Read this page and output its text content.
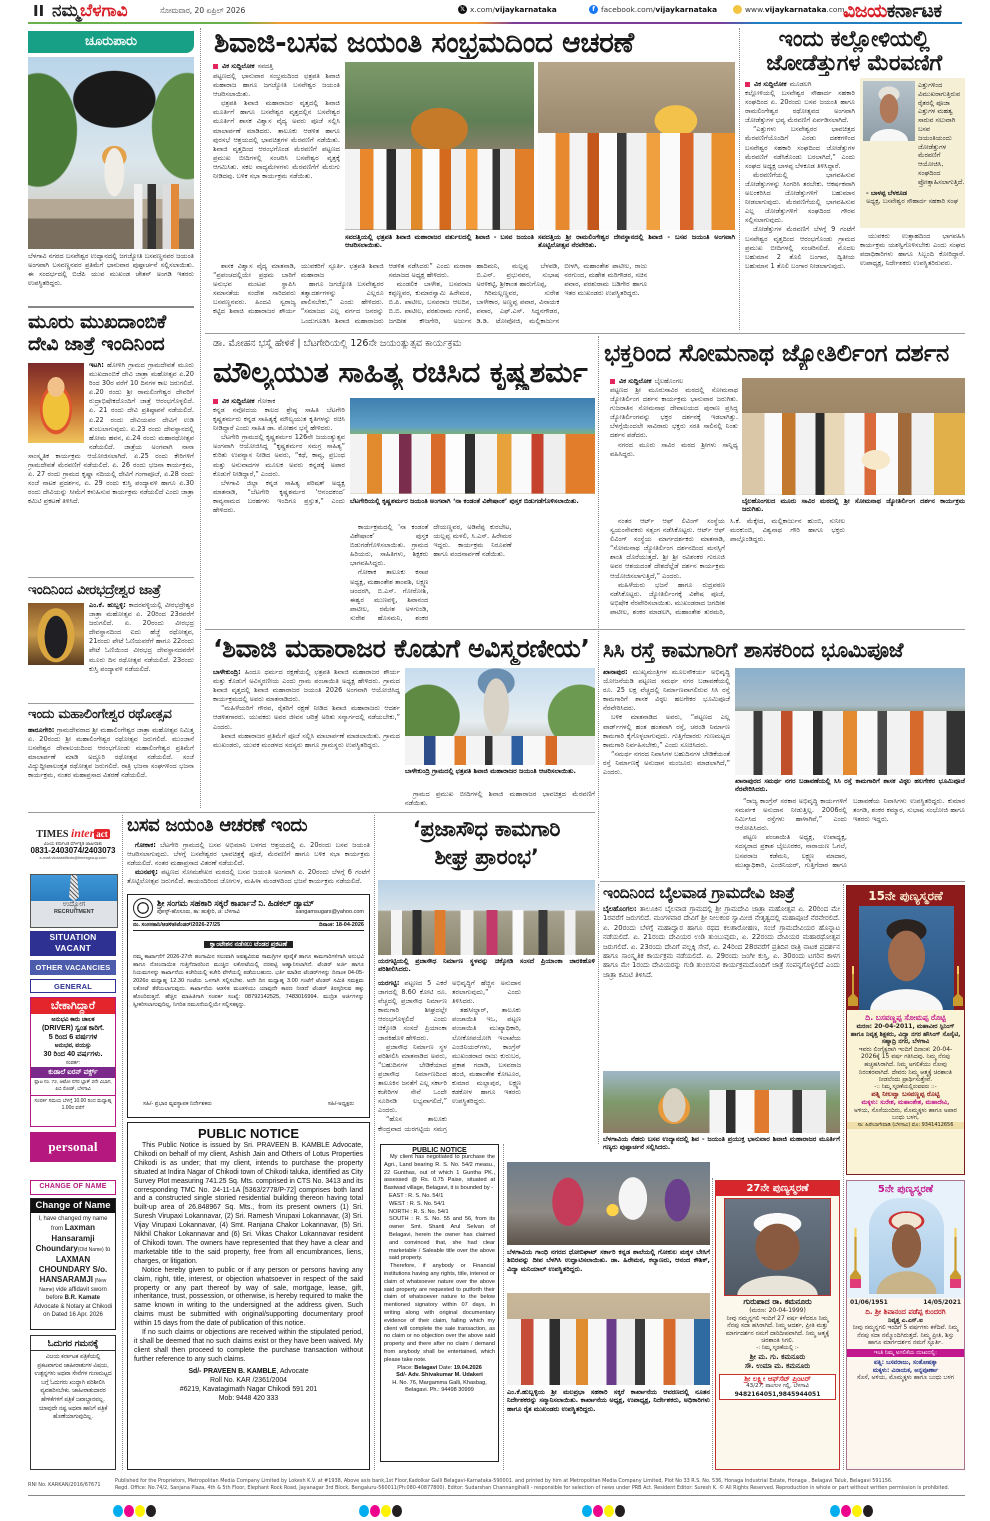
II ನಮ್ಮಬೆಳಗಾವಿ	ಸೋಮವಾರ, 20 ಏಪ್ರಿಲ್ 2026	𝕏 x.com/vijaykarnataka	f facebook.com/vijaykarnataka	www.vijaykarnataka.com
ವಿಜಯಕರ್ನಾಟಕ
ಚೂರುಪಾರು

ಬೆಳಗಾವಿ ನಗರದ ಬಸವೇಶ್ವರ ಉದ್ಯಾನದಲ್ಲಿ ಜಗಜ್ಯೋತಿ ಬಸವಣ್ಣನವರ ಜಯಂತಿ ಅಂಗವಾಗಿ ಬಸವಣ್ಣನವರ ಪ್ರತಿಮೆಗೆ ಭಾನುವಾರ ಪುಷ್ಪಾರ್ಚನೆ ಸಲ್ಲಿಸಲಾಯಿತು. ಈ ಸಂದರ್ಭದಲ್ಲಿ ಬಿಜೆಪಿ ಯುವ ಮುಖಂಡ ಚೇತನ್ ಅಂಗಡಿ ಇತರರು ಉಪಸ್ಥಿತರಿದ್ದರು.

ಮೂರು ಮುಖದಾಂಬಿಕೆ
ದೇವಿ ಜಾತ್ರೆ ಇಂದಿನಿಂದ

ಇಟಗಿ: ಹೋಳಿಗಿ ಗ್ರಾಮದ ಗ್ರಾಮದೇವತೆ ಮೂರು ಮುಖದಾಂಬಿಕೆ ದೇವಿ ಜಾತ್ರಾ ಮಹೋತ್ಸವ ಏ.20 ರಿಂದ 30ರ ವರೆಗೆ 10 ದಿನಗಳ ಕಾಲ ಜರುಗಲಿದೆ. ಏ.20 ರಂದು ಶ್ರೀ ರಾಮಲಿಂಗೇಶ್ವರ ದೇವರಿಗೆ ರುದ್ರಾಭಿಷೇಕದೊಂದಿಗೆ ಜಾತ್ರೆ ಆರಂಭಗೊಳ್ಳಲಿದೆ. ಏ. 21 ರಂದು ದೇವಿ ಪ್ರತಿಷ್ಠಾಪನೆ ನಡೆಯಲಿದೆ. ಏ.22 ರಂದು ದೇವಿಯವರ ದೇವಿಗೆ ಉಡಿ ತುಂಬಲಾಗುವುದು. ಏ.23 ರಂದು ದೇವಸ್ಥಾನದಲ್ಲಿ ಹೋಮ ಹವನ, ಏ.24 ರಂದು ಮಹಾರಥೋತ್ಸವ ನಡೆಯಲಿದೆ. ಜಾತ್ರೆಯ ಅಂಗವಾಗಿ ನಾನಾ ಸಾಂಸ್ಕೃತಿಕ ಕಾರ್ಯಕ್ರಮ ಆಯೋಜಿಸಲಾಗಿದೆ. ಏ.25 ರಂದು ಕೇರಿಗಳಿಗೆ ಗ್ರಾಮದೇವತೆ ಮೆರವಣಿಗೆ ನಡೆಯಲಿದೆ. ಏ. 26 ರಂದು ಭಜನಾ ಕಾರ್ಯಕ್ರಮ, ಏ. 27 ರಂದು ಗ್ರಾಮದ ಕೃಷ್ಣಾ ನದಿಯಲ್ಲಿ ದೇವಿಗೆ ಗಂಗಾಪೂಜೆ, ಏ.28 ರಂದು ಸಂಜೆ ನಾಟಕ ಪ್ರದರ್ಶನ, ಏ. 29 ರಂದು ಕುಸ್ತಿ ಪಂದ್ಯಾವಳಿ ಹಾಗೂ ಏ.30 ರಂದು ದೇವಿಯನ್ನು ಸೀಮೆಗೆ ಕಳುಹಿಸುವ ಕಾರ್ಯಕ್ರಮ ನಡೆಯಲಿದೆ ಎಂದು ಜಾತ್ರಾ ಕಮಿಟಿ ಪ್ರಕಟಣೆ ತಿಳಿಸಿದೆ.

ಇಂದಿನಿಂದ ವೀರಭದ್ರೇಶ್ವರ ಜಾತ್ರೆ

ಎಂ.ಕೆ. ಹುಬ್ಬಳ್ಳಿ: ಕಾದರವಳ್ಳಿಯಲ್ಲಿ ವೀರಭದ್ರೇಶ್ವರ ಜಾತ್ರಾ ಮಹೋತ್ಸವ ಏ. 20ರಿಂದ 23ರವರೆಗೆ ಜರುಗಲಿದೆ. ಏ. 20ರಂದು ವೀರಭದ್ರ ದೇವಸ್ಥಾನದಿಂದ ಐದು ಹೆಜ್ಜೆ ರಥೋತ್ಸವ, 21ರಂದು ಪೇಟೆ ಓಣಿಯವರೆಗೆ ಹಾಗೂ 22ರಂದು ಪೇಟೆ ಓಣಿಯಿಂದ ವೀರಭದ್ರ ದೇವಸ್ಥಾನದವರೆಗೆ ಮೂರು ದಿನ ರಥೋತ್ಸವ ನಡೆಯಲಿದೆ. 23ರಂದು ಕುಸ್ತಿ ಪಂದ್ಯಾವಳಿ ನಡೆಯಲಿದೆ.

ಇಂದು ಮಹಾಲಿಂಗೇಶ್ವರ ರಥೋತ್ಸವ

ಹಾರೂಗೇರಿ: ಗ್ರಾಮದೇವರಾದ ಶ್ರೀ ಮಹಾಲಿಂಗೇಶ್ವರ ಜಾತ್ರಾ ಮಹೋತ್ಸವ ನಿಮಿತ್ತ ಏ. 20ರಂದು ಶ್ರೀ ಮಹಾಲಿಂಗೇಶ್ವರ ರಥೋತ್ಸವ ಜರುಗಲಿದೆ. ಮುಂಜಾನೆ ಬಸವೇಶ್ವರ ದೇವಾಲಯದಿಂದ ಆರಂಭಗೊಂಡು ಮಹಾಲಿಂಗೇಶ್ವರ ಪ್ರತಿಮೆಗೆ ಮಾಲಾರ್ಪಣೆ ಮಾಡಿ ಅದ್ದೂರಿ ರಥೋತ್ಸವ ನಡೆಯಲಿದೆ. ಸಂಜೆ ವಿದ್ಯುದ್ದೀಪಾಲಂಕೃತ ರಥೋತ್ಸವ ಜರುಗಲಿದೆ. ರಾತ್ರಿ ಭಜನಾ ಸಂಘಗಳಿಂದ ಭಜನಾ ಕಾರ್ಯಕ್ರಮ, ನಂತರ ಮಹಾಪ್ರಸಾದ ವಿತರಣೆ ನಡೆಯಲಿದೆ.

ಶಿವಾಜಿ-ಬಸವ ಜಯಂತಿ ಸಂಭ್ರಮದಿಂದ ಆಚರಣೆ
ವಿಕ ಸುದ್ದಿಲೋಕ ಸವದತ್ತಿ

ಪಟ್ಟಣದಲ್ಲಿ ಭಾನುವಾರ ಸಂಭ್ರಮದಿಂದ ಛತ್ರಪತಿ ಶಿವಾಜಿ ಮಹಾರಾಜ ಹಾಗೂ ಜಗಜ್ಯೋತಿ ಬಸವೇಶ್ವರ ಜಯಂತಿ ಆಚರಿಸಲಾಯಿತು.

ಛತ್ರಪತಿ ಶಿವಾಜಿ ಮಹಾರಾಜರ ವೃತ್ತದಲ್ಲಿ ಶಿವಾಜಿ ಮೂರ್ತಿಗೆ ಹಾಗೂ ಬಸವೇಶ್ವರ ವೃತ್ತದಲ್ಲಿನ ಬಸವೇಶ್ವರ ಮೂರ್ತಿಗೆ ಶಾಸಕ ವಿಶ್ವಾಸ ವೈದ್ಯ ಅವರು ಪೂಜೆ ಸಲ್ಲಿಸಿ ಮಾಲಾರ್ಪಣೆ ಮಾಡಿದರು. ತಾಲೂಕು ಆಡಳಿತ ಹಾಗೂ ಪುರಸಭೆ ಆಶ್ರಯದಲ್ಲಿ ಭಾವಚಿತ್ರಗಳ ಮೆರವಣಿಗೆ ನಡೆಯಿತು. ಶಿವಾಜಿ ವೃತ್ತದಿಂದ ಆರಂಭಗೊಂಡ ಮೆರವಣಿಗೆ ಪಟ್ಟಣದ ಪ್ರಮುಖ ಬೀದಿಗಳಲ್ಲಿ ಸಂಚರಿಸಿ ಬಸವೇಶ್ವರ ವೃತ್ತಕ್ಕೆ ಆಗಮಿಸಿತು. ಸಕಲ ವಾದ್ಯಮೇಳಗಳು ಮೆರವಣಿಗೆಗೆ ಮೆರುಗು ನೀಡಿದವು. ಬಳಿಕ ಸಭಾ ಕಾರ್ಯಕ್ರಮ ನಡೆಯಿತು.

ಸವದತ್ತಿಯಲ್ಲಿ ಛತ್ರಪತಿ ಶಿವಾಜಿ ಮಹಾರಾಜರ ವರ್ತುಲದಲ್ಲಿ ಶಿವಾಜಿ - ಬಸವ ಜಯಂತಿ ಆಚರಿಸಲಾಯಿತು.
ಸವದತ್ತಿಯ ಶ್ರೀ ರಾಮಲಿಂಗೇಶ್ವರ ದೇವಸ್ಥಾನದಲ್ಲಿ ಶಿವಾಜಿ - ಬಸವ ಜಯಂತಿ ಅಂಗವಾಗಿ ತೊಟ್ಟಿಲೋತ್ಸವ ನೆರವೇರಿತು.

ಶಾಸಕ ವಿಶ್ವಾಸ ವೈದ್ಯ ಮಾತನಾಡಿ, “ಪ್ರಪಂಚದಲ್ಲಿಯೇ ಪ್ರಥಮ ಬಾರಿಗೆ ಅನುಭವ ಮಂಟಪ ಸ್ಥಾಪಿಸಿ ಸಮಾನತೆಯ ಸಂದೇಶ ಸಾರಿದವರು ಬಸವಣ್ಣನವರು. ಹಿಂದವಿ ಸ್ವರಾಜ್ಯ ಕಟ್ಟಿದ ಶಿವಾಜಿ ಮಹಾರಾಜರ ಶೌರ್ಯ ಯುವಕರಿಗೆ ಸ್ಫೂರ್ತಿ. ಛತ್ರಪತಿ ಶಿವಾಜಿ ಮಹಾರಾಜ

ಹಾಗೂ ಜಗಜ್ಯೋತಿ ಬಸವೇಶ್ವರರ ತತ್ವಾದರ್ಶಗಳನ್ನು ಎಲ್ಲರೂ ಪಾಲಿಸಬೇಕು,” ಎಂದು ಹೇಳಿದರು. “ಸಮಾಜದ ಎಲ್ಲ ವರ್ಗದ ಜನರನ್ನು ಒಂದುಗೂಡಿಸಿ ಶಿವಾಜಿ ಮಹಾರಾಜರು ಆಡಳಿತ ನಡೆಸಿದರು” ಎಂದು ಮರಾಠಾ ಸಮಾಜದ ಅಧ್ಯಕ್ಷ ಹೇಳಿದರು.

ಮಂಡಲಿಕ ಬಾಳೇಶ, ಬಸವರಾಜ ಕಪ್ಪಣ್ಣವರ, ಕುಮಾರಸ್ವಾಮಿ ಹಿರೇಮಠ, ಬಿ.ಪಿ. ಪಾಟೀಲ, ಬಸವರಾಜ ಆಲದಿನ, ಬಿ.ಬಿ. ಪಾಟೀಲ, ಪರಶುರಾಮ ಗಂಗಲಿ, ಜಗದೀಶ ಕೌಜಗೇರಿ, ಅರ್ಜುನ ಹಾದಿಮನಿ, ಮಲ್ಲಪ್ಪ ಬೆಳವಡಿ, ಬಿ.ಎನ್. ಪ್ರಭುನವರ, ಸುಭಾಷ ಅರಳಿಕಟ್ಟಿ, ಶ್ರೀಕಾಂತ ಹಾರುಗೊಪ್ಪ,

ಗಿರಿಮಲ್ಲಣ್ಣವರ, ಸುರೇಶ ಬಾಳೇಕಾರ, ಅಣ್ಣಪ್ಪ ಪವಾರ, ವಿನಾಯಕ ಪವಾರ, ಎಫ್.ಎಸ್. ಸಿದ್ದನಗೌಡರ, ಡಿ.ಡಿ. ಟೋಪೋಜಿ, ಮಲ್ಲಿಕಾರ್ಜುನ ಬೀಳಗಿ, ಮಹಾಂತೇಶ ಪಾಟೀಲ, ರಾಜು ನರಗುಂದ, ಮಹೇಶ ಮರಿಗೌಡರ, ಸಚಿನ ಪವಾರ, ಪರಶುರಾಮ ಬಡಿಗೇರ ಹಾಗೂ ಇತರ ಮುಖಂಡರು ಉಪಸ್ಥಿತರಿದ್ದರು.

ಇಂದು ಕಲ್ಲೋಳಿಯಲ್ಲಿ
ಜೋಡೆತ್ತುಗಳ ಮೆರವಣಿಗೆ
ವಿಕ ಸುದ್ದಿಲೋಕ ಮೂಡಲಗಿ

ಕಲ್ಲೋಳಿಯಲ್ಲಿ ಬಸವೇಶ್ವರ ಸೌಹಾರ್ದ ಸಹಕಾರಿ ಸಂಘದಿಂದ ಏ. 20ರಂದು ಬಸವ ಜಯಂತಿ ಹಾಗೂ ರಾಮಲಿಂಗೇಶ್ವರ ರಥೋತ್ಸವದ ಅಂಗವಾಗಿ ಜೋಡೆತ್ತುಗಳ ಭವ್ಯ ಮೆರವಣಿಗೆ ಏರ್ಪಡಿಸಲಾಗಿದೆ.

“ಎತ್ತುಗಳು ಬಸವೇಶ್ವರರ ಭಾವಚಿತ್ರದ ಮೆರವಣಿಗೆಯೊಂದಿಗೆ ಎರಡು ದಶಕಗಳಿಂದ ಬಸವೇಶ್ವರ ಸಹಕಾರಿ ಸಂಘದಿಂದ ಜೋಡೆತ್ತುಗಳ ಮೆರವಣಿಗೆ ನಡೆಸಿಕೊಂಡು ಬರಲಾಗಿದೆ,” ಎಂದು ಸಂಘದ ಅಧ್ಯಕ್ಷ ಬಾಳಪ್ಪ ಬೆಳಕೂಡ ತಿಳಿಸಿದ್ದಾರೆ.

ಮೆರವಣಿಗೆಯಲ್ಲಿ ಭಾಗವಹಿಸುವ ಜೋಡೆತ್ತುಗಳನ್ನು ಸಿಂಗರಿಸಿ ತರಬೇಕು. ಆಕರ್ಷಕವಾಗಿ ಅಲಂಕರಿಸಿದ ಜೋಡೆತ್ತುಗಳಿಗೆ ಬಹುಮಾನ ನೀಡಲಾಗುವುದು. ಮೆರವಣಿಗೆಯಲ್ಲಿ ಭಾಗವಹಿಸುವ ಎಲ್ಲ ಜೋಡೆತ್ತುಗಳಿಗೆ ಸಂಘದಿಂದ ಗೌರವ ಸಲ್ಲಿಸಲಾಗುವುದು.

ಜೋಡೆತ್ತುಗಳ ಮೆರವಣಿಗೆ ಬೆಳಗ್ಗೆ 9 ಗಂಟೆಗೆ ಬಸವೇಶ್ವರ ವೃತ್ತದಿಂದ ಆರಂಭಗೊಂಡು ಗ್ರಾಮದ ಪ್ರಮುಖ ಬೀದಿಗಳಲ್ಲಿ ಸಂಚರಿಸಲಿದೆ. ಮೊದಲ ಬಹುಮಾನ 2 ತೊಲಿ ಬಂಗಾರ, ದ್ವಿತೀಯ ಬಹುಮಾನ 1 ತೊಲಿ ಬಂಗಾರ ನೀಡಲಾಗುವುದು.

ಎತ್ತುಗಳಿಂದ ವಿಮುಖರಾಗುತ್ತಿರುವ ರೈತರಲ್ಲಿ ಪೂಜಾ ಎತ್ತುಗಳ ಮಹತ್ವ ಸಾರುವ ಸಲುವಾಗಿ ಬಸವ ಜಯಂತಿಯಂದು ಜೋಡೆತ್ತುಗಳ ಮೆರವಣಿಗೆ ಆಯೋಜಿಸಿ, ಸಂಘದಿಂದ ಪ್ರೋತ್ಸಾಹಿಸಲಾಗುತ್ತಿದೆ.
- ಬಾಳಪ್ಪ ಬೆಳಕೂಡ
ಅಧ್ಯಕ್ಷ, ಬಸವೇಶ್ವರ ಸೌಹಾರ್ದ ಸಹಕಾರಿ ಸಂಘ

ಯುವಕರು ಉತ್ಸಾಹದಿಂದ ಭಾಗವಹಿಸಿ ಕಾರ್ಯಕ್ರಮ ಯಶಸ್ವಿಗೊಳಿಸಬೇಕು ಎಂದು ಸಂಘದ ಪದಾಧಿಕಾರಿಗಳು ಹಾಗೂ ಸಿಬ್ಬಂದಿ ಕೋರಿದ್ದಾರೆ. ಉಪಾಧ್ಯಕ್ಷ, ನಿರ್ದೇಶಕರು ಉಪಸ್ಥಿತರಿರುವರು.

ಡಾ. ಮೋಹನ ಭಸ್ಮೆ ಹೇಳಿಕೆ | ಬೆಟಗೇರಿಯಲ್ಲಿ 126ನೇ ಜಯಂತ್ಯುತ್ಸವ ಕಾರ್ಯಕ್ರಮ
ಮೌಲ್ಯಯುತ ಸಾಹಿತ್ಯ ರಚಿಸಿದ ಕೃಷ್ಣಶರ್ಮ
ವಿಕ ಸುದ್ದಿಲೋಕ ಗೋಕಾಕ

ಕನ್ನಡ ನವೋದಯ ಕಾಲದ ಶ್ರೇಷ್ಠ ಸಾಹಿತಿ ಬೆಟಗೇರಿ ಕೃಷ್ಣಶರ್ಮರು ಕನ್ನಡ ಸಾಹಿತ್ಯಕ್ಕೆ ಮೌಲ್ಯಯುತ ಕೃತಿಗಳನ್ನು ರಚಿಸಿ ನೀಡಿದ್ದಾರೆ ಎಂದು ಸಾಹಿತಿ ಡಾ. ಮೋಹನ ಭಸ್ಮೆ ಹೇಳಿದರು.

ಬೆಟಗೇರಿ ಗ್ರಾಮದಲ್ಲಿ ಕೃಷ್ಣಶರ್ಮರ 126ನೇ ಜಯಂತ್ಯುತ್ಸವ ಅಂಗವಾಗಿ ಆಯೋಜಿಸಿದ್ದ “ಕೃಷ್ಣಶರ್ಮರ ಸಮಗ್ರ ಸಾಹಿತ್ಯ” ಕುರಿತು ಉಪನ್ಯಾಸ ನೀಡಿದ ಅವರು, “ಕಥೆ, ಕಾವ್ಯ, ಪ್ರಬಂಧ ಮತ್ತು ಅನುವಾದಗಳ ಮೂಲಕ ಅವರು ಕನ್ನಡಕ್ಕೆ ಅಪಾರ ಕೊಡುಗೆ ನೀಡಿದ್ದಾರೆ,” ಎಂದರು.

ಬೆಳಗಾವಿ ಜಿಲ್ಲಾ ಕನ್ನಡ ಸಾಹಿತ್ಯ ಪರಿಷತ್ ಅಧ್ಯಕ್ಷ ಮಾತನಾಡಿ, “ಬೆಟಗೇರಿ ಕೃಷ್ಣಶರ್ಮರ ‘ಆನಂದಕಂದ’ ಕಾವ್ಯನಾಮದ ಬರಹಗಳು ಇಂದಿಗೂ ಪ್ರಸ್ತುತ,” ಎಂದು ಹೇಳಿದರು.

ಬೆಟಗೇರಿಯಲ್ಲಿ ಕೃಷ್ಣಶರ್ಮರ ಜಯಂತಿ ಅಂಗವಾಗಿ ‘ನಾ ಕಂಡಂತೆ ವಿಶೇಷಾಂಕ’ ಪುಸ್ತಕ ಬಿಡುಗಡೆಗೊಳಿಸಲಾಯಿತು.

ಕಾರ್ಯಕ್ರಮದಲ್ಲಿ ‘ನಾ ಕಂಡಂತೆ ವಿಶೇಷಾಂಕ’ ಪುಸ್ತಕ ಬಿಡುಗಡೆಗೊಳಿಸಲಾಯಿತು. ಗ್ರಾಮದ ಹಿರಿಯರು, ಸಾಹಿತಿಗಳು, ಶಿಕ್ಷಕರು ಭಾಗವಹಿಸಿದ್ದರು.

ಗೋಕಾಕ ತಾಲೂಕು ಕಸಾಪ ಅಧ್ಯಕ್ಷ, ಮಹಾಂತೇಶ ತಾಂವಶಿ, ಲಕ್ಷ್ಮಣ ಚಂದರಗಿ, ಬಿ.ಎಸ್. ಗೋರೋಶಿ, ಈಶ್ವರ ಮುಣವಳ್ಳಿ, ಶಿವಾನಂದ ಪಾಟೀಲ, ರಮೇಶ ಅಳಗುಂಡಿ, ಸುರೇಶ ಹೊಸಮನಿ, ಶಂಕರ ದೇಯಣ್ಣವರ, ಅಡಿವೆಪ್ಪ ಕುರಬೇಟ, ಯಲ್ಲಪ್ಪ ಮಳಲಿ, ಸಿ.ಎಸ್. ಹಿರೇಮಠ ಇದ್ದರು. ಕಾರ್ಯಕ್ರಮ ನಿರೂಪಣೆ ಹಾಗೂ ವಂದನಾರ್ಪಣೆ ನಡೆಯಿತು.

ಭಕ್ತರಿಂದ ಸೋಮನಾಥ ಜ್ಯೋತಿರ್ಲಿಂಗ ದರ್ಶನ
ವಿಕ ಸುದ್ದಿಲೋಕ ಬೈಲಹೊಂಗಲ

ಪಟ್ಟಣದ ಶ್ರೀ ಮೂರುಸಾವಿರ ಮಠದಲ್ಲಿ ಸೋಮನಾಥ ಜ್ಯೋತಿರ್ಲಿಂಗ ದರ್ಶನ ಕಾರ್ಯಕ್ರಮ ಭಾನುವಾರ ಜರುಗಿತು. ಗುಜರಾತಿನ ಸೋಮನಾಥ ದೇವಾಲಯದ ಪುರಾಣ ಪ್ರಸಿದ್ಧ ಜ್ಯೋತಿರ್ಲಿಂಗವನ್ನು ಭಕ್ತರ ದರ್ಶನಕ್ಕೆ ಇಡಲಾಗಿತ್ತು. ಬೆಳಗ್ಗೆಯಿಂದಲೇ ಸಾವಿರಾರು ಭಕ್ತರು ಸರತಿ ಸಾಲಿನಲ್ಲಿ ನಿಂತು ದರ್ಶನ ಪಡೆದರು.

ನಗರದ ಮೂರು ಸಾವಿರ ಮಠದ ಶ್ರೀಗಳು ಸಾನ್ನಿಧ್ಯ ವಹಿಸಿದ್ದರು.

ಬೈಲಹೊಂಗಲದ ಮೂರು ಸಾವಿರ ಮಠದಲ್ಲಿ ಶ್ರೀ ಸೋಮನಾಥ ಜ್ಯೋತಿರ್ಲಿಂಗ ದರ್ಶನ ಕಾರ್ಯಕ್ರಮ ಜರುಗಿತು.

ನಂತರ ಆರ್ಟ್ ಆಫ್ ಲಿವಿಂಗ್ ಸಂಸ್ಥೆಯ ಸ್ವಯಂಸೇವಕರು ಸತ್ಸಂಗ ನಡೆಸಿಕೊಟ್ಟರು. ಆರ್ಟ್ ಆಫ್ ಲಿವಿಂಗ್ ಸಂಸ್ಥೆಯ ಮಾರ್ಗದರ್ಶಕರು ಮಾತನಾಡಿ, “ಸೋಮನಾಥ ಜ್ಯೋತಿರ್ಲಿಂಗ ದರ್ಶನದಿಂದ ಮನಸ್ಸಿಗೆ ಶಾಂತಿ ದೊರೆಯುತ್ತದೆ. ಶ್ರೀ ಶ್ರೀ ರವಿಶಂಕರ ಗುರೂಜಿ ಅವರ ಆಶಯದಂತೆ ದೇಶದೆಲ್ಲೆಡೆ ದರ್ಶನ ಕಾರ್ಯಕ್ರಮ ಆಯೋಜಿಸಲಾಗುತ್ತಿದೆ,” ಎಂದರು.

ಮಹಿಳೆಯರು ಭಜನೆ ಹಾಗೂ ರುದ್ರಪಠಣ ನಡೆಸಿಕೊಟ್ಟರು. ಜ್ಯೋತಿರ್ಲಿಂಗಕ್ಕೆ ವಿಶೇಷ ಪೂಜೆ, ಅಭಿಷೇಕ ನೆರವೇರಿಸಲಾಯಿತು. ಮುಖಂಡರಾದ ಜಗದೀಶ ಪಾಟೀಲ, ಶಂಕರ ಮಾಡಲಗಿ, ಮಹಾಂತೇಶ ತುರಮರಿ, ಸಿ.ಕೆ. ಮೆಕ್ಕೇದ, ಮಲ್ಲಿಕಾರ್ಜುನ ಹುಂಬಿ, ಸುನೀಲ ಮರಕುಂಬಿ, ವಿಶ್ವನಾಥ ಗೌರಿ ಹಾಗೂ ಭಕ್ತರು ಪಾಲ್ಗೊಂಡಿದ್ದರು.

‘ಶಿವಾಜಿ ಮಹಾರಾಜರ ಕೊಡುಗೆ ಅವಿಸ್ಮರಣೀಯ’

ಬಾಳೇಕುಂದ್ರಿ: ಹಿಂದೂ ಧರ್ಮದ ರಕ್ಷಣೆಯಲ್ಲಿ ಛತ್ರಪತಿ ಶಿವಾಜಿ ಮಹಾರಾಜರ ಶೌರ್ಯ ಮತ್ತು ಕೊಡುಗೆ ಅವಿಸ್ಮರಣೀಯ ಎಂದು ಗ್ರಾಮ ಪಂಚಾಯಿತಿ ಅಧ್ಯಕ್ಷ ಹೇಳಿದರು. ಗ್ರಾಮದ ಶಿವಾಜಿ ವೃತ್ತದಲ್ಲಿ ಶಿವಾಜಿ ಮಹಾರಾಜರ ಜಯಂತಿ 2026 ಅಂಗವಾಗಿ ಆಯೋಜಿಸಿದ್ದ ಕಾರ್ಯಕ್ರಮದಲ್ಲಿ ಅವರು ಮಾತನಾಡಿದರು.

“ಮಹಿಳೆಯರಿಗೆ ಗೌರವ, ರೈತರಿಗೆ ರಕ್ಷಣೆ ನೀಡಿದ ಶಿವಾಜಿ ಮಹಾರಾಜರು ಆದರ್ಶ ಆಡಳಿತಗಾರರು. ಯುವಕರು ಅವರ ಜೀವನ ಚರಿತ್ರೆ ಅರಿತು ಸನ್ಮಾರ್ಗದಲ್ಲಿ ನಡೆಯಬೇಕು,” ಎಂದರು.

ಶಿವಾಜಿ ಮಹಾರಾಜರ ಪ್ರತಿಮೆಗೆ ಪೂಜೆ ಸಲ್ಲಿಸಿ ಮಾಲಾರ್ಪಣೆ ಮಾಡಲಾಯಿತು. ಗ್ರಾಮದ ಮುಖಂಡರು, ಯುವಕ ಮಂಡಳದ ಸದಸ್ಯರು ಹಾಗೂ ಗ್ರಾಮಸ್ಥರು ಉಪಸ್ಥಿತರಿದ್ದರು.

ಬಾಳೇಕುಂದ್ರಿ ಗ್ರಾಮದಲ್ಲಿ ಛತ್ರಪತಿ ಶಿವಾಜಿ ಮಹಾರಾಜರ ಜಯಂತಿ ಆಚರಿಸಲಾಯಿತು.

ಗ್ರಾಮದ ಪ್ರಮುಖ ಬೀದಿಗಳಲ್ಲಿ ಶಿವಾಜಿ ಮಹಾರಾಜರ ಭಾವಚಿತ್ರದ ಮೆರವಣಿಗೆ ನಡೆಯಿತು.

ಸಿಸಿ ರಸ್ತೆ ಕಾಮಗಾರಿಗೆ ಶಾಸಕರಿಂದ ಭೂಮಿಪೂಜೆ

ಖಾನಾಪುರ: ಮುಖ್ಯಮಂತ್ರಿಗಳ ಮೂಲಸೌಕರ್ಯ ಅಭಿವೃದ್ಧಿ ಯೋಜನೆಯಡಿ ಪಟ್ಟಣದ ಸಮರ್ಥ ನಗರ ಬಡಾವಣೆಯಲ್ಲಿ ರೂ. 25 ಲಕ್ಷ ವೆಚ್ಚದಲ್ಲಿ ನಿರ್ಮಾಣವಾಗಲಿರುವ ಸಿಸಿ ರಸ್ತೆ ಕಾಮಗಾರಿಗೆ ಶಾಸಕ ವಿಠ್ಠಲ ಹಲಗೇಕರ ಭೂಮಿಪೂಜೆ ನೆರವೇರಿಸಿದರು.

ಬಳಿಕ ಮಾತನಾಡಿದ ಅವರು, “ಪಟ್ಟಣದ ಎಲ್ಲ ವಾರ್ಡ್‌ಗಳಲ್ಲಿ ಹಂತ ಹಂತವಾಗಿ ರಸ್ತೆ, ಚರಂಡಿ ನಿರ್ಮಾಣ ಕಾಮಗಾರಿ ಕೈಗೊಳ್ಳಲಾಗುವುದು. ಗುತ್ತಿಗೆದಾರರು ಗುಣಮಟ್ಟದ ಕಾಮಗಾರಿ ನಿರ್ವಹಿಸಬೇಕು,” ಎಂದು ಸೂಚಿಸಿದರು.

“ಸಮರ್ಥ ನಗರದ ನಿವಾಸಿಗಳ ಬಹುದಿನಗಳ ಬೇಡಿಕೆಯಂತೆ ರಸ್ತೆ ನಿರ್ಮಾಣಕ್ಕೆ ಅನುದಾನ ಮಂಜೂರು ಮಾಡಲಾಗಿದೆ,” ಎಂದರು.

ಖಾನಾಪುರದ ಸಮರ್ಥ ನಗರ ಬಡಾವಣೆಯಲ್ಲಿ ಸಿಸಿ ರಸ್ತೆ ಕಾಮಗಾರಿಗೆ ಶಾಸಕ ವಿಠ್ಠಲ ಹಲಗೇಕರ ಭೂಮಿಪೂಜೆ ನೆರವೇರಿಸಿದರು.

“ರಾಜ್ಯ ಕಾಂಗ್ರೆಸ್ ಸರಕಾರ ಅಭಿವೃದ್ಧಿ ಕಾರ್ಯಗಳಿಗೆ ಸಮರ್ಪಕ ಅನುದಾನ ನೀಡುತ್ತಿಲ್ಲ. 2006ರಲ್ಲಿ ನಿರ್ಮಿಸಿದ ರಸ್ತೆಗಳು ಹಾಳಾಗಿವೆ,” ಎಂದು ಆರೋಪಿಸಿದರು.

ಪಟ್ಟಣ ಪಂಚಾಯಿತಿ ಅಧ್ಯಕ್ಷ, ಉಪಾಧ್ಯಕ್ಷ, ಸದಸ್ಯರಾದ ಪ್ರಕಾಶ ಬೈಲೂರಕರ, ನಾರಾಯಣ ಓಗಲೆ, ಬಸವರಾಜ ಕಡೆಮನಿ, ಲಕ್ಷ್ಮಣ ಮಾದಾರ, ಮುಖ್ಯಾಧಿಕಾರಿ, ಎಂಜಿನಿಯರ್, ಗುತ್ತಿಗೆದಾರ ಹಾಗೂ ಬಡಾವಣೆಯ ನಿವಾಸಿಗಳು ಉಪಸ್ಥಿತರಿದ್ದರು. ಕುಮಾರ ತಂಗಡಿ, ಶಂಕರ ಕಮ್ಮಾರ, ಸುಭಾಷ ಸಂಭೋಜಿ ಹಾಗೂ ಇತರರು ಇದ್ದರು.

TIMES inter act
ವಿಜಯ ಕರ್ನಾಟಕ ವರ್ಗೀಕೃತ ಜಾಹೀರಾತು
0831-2403074/2403073
e-mail:vkclassifieds@timesgroup.com
ಉದ್ಯೋಗ
RECRUITMENT
SITUATION
VACANT
OTHER VACANCIES
GENERAL
ಬೇಕಾಗಿದ್ದಾರೆ
ಅನುಭವಿ ಕಾರು ಚಾಲಕ
(DRIVER) ಸ್ವಂತ ಕಾರಿಗೆ.
5 ರಿಂದ 6 ವರ್ಷಗಳ
ಅನುಭವ, ವಯಸ್ಸು
30 ರಿಂದ 40 ವರ್ಷಗಳು.
ಸಂಪರ್ಕ:
ಕುಡಾಲೆ ಐರನ್ ವರ್ಕ್ಸ್
ಪ್ಲಾಟ ನಂ. 72, ಆಟೋ ನಗರ ಬ್ಲಾಕ್ 2ನೇ ವಿಭಾಗ, ಪಿಬಿ ರೋಡ್, ಬೆಳಗಾವಿ
ಸಂಪರ್ಕ ಸಮಯ ಬೆಳಗ್ಗೆ 10.00 ರಿಂದ ಮಧ್ಯಾಹ್ನ 1.00ರ ವರೆಗೆ
personal
CHANGE OF NAME
Change of Name
I, have changed my name from Laxman Hansaramji Choundary(Old Name) to LAXMAN CHOUNDARY S/o. HANSARAMJI (New Name) vide affidavit sworn before B.R. Kamate Advocate & Notary at Chikodi on Dated 16 Apr. 2026
ಓದುಗರ ಗಮನಕ್ಕೆ
ವಿಜಯ ಕರ್ನಾಟಕ ಪತ್ರಿಕೆಯಲ್ಲಿ ಪ್ರಕಟವಾಗುವ ಜಾಹೀರಾತುಗಳ ವಿಷಯ, ಉತ್ಪನ್ನಗಳು ಅಥವಾ ಸೇವೆಗಳ ಗುಣಮಟ್ಟದ ಬಗ್ಗೆ ಓದುಗರು ಖುದ್ದಾಗಿ ಪರಿಶೀಲಿಸಿ ವ್ಯವಹರಿಸಬೇಕು. ಜಾಹೀರಾತುದಾರರ ಹೇಳಿಕೆಗಳಿಗೆ ಪತ್ರಿಕೆ ಜವಾಬ್ದಾರವಲ್ಲ. ಯಾವುದೇ ನಷ್ಟ ಅಥವಾ ಹಾನಿಗೆ ಪತ್ರಿಕೆ ಹೊಣೆಯಾಗುವುದಿಲ್ಲ.
ಬಸವ ಜಯಂತಿ ಆಚರಣೆ ಇಂದು

ಗೋಕಾಕ: ಬೆಟಗೇರಿ ಗ್ರಾಮದಲ್ಲಿ ಬಸವ ಅಭಿಮಾನಿ ಬಳಗದ ಆಶ್ರಯದಲ್ಲಿ ಏ. 20ರಂದು ಬಸವ ಜಯಂತಿ ಆಚರಿಸಲಾಗುವುದು. ಬೆಳಗ್ಗೆ ಬಸವೇಶ್ವರರ ಭಾವಚಿತ್ರಕ್ಕೆ ಪೂಜೆ, ಮೆರವಣಿಗೆ ಹಾಗೂ ಬಳಿಕ ಸಭಾ ಕಾರ್ಯಕ್ರಮ ನಡೆಯಲಿದೆ. ನಂತರ ಮಹಾಪ್ರಸಾದ ವಿತರಣೆ ನಡೆಯಲಿದೆ.

ಮುನವಳ್ಳಿ: ಪಟ್ಟಣದ ಸೋಮಶೇಖರ ಮಠದಲ್ಲಿ ಬಸವ ಜಯಂತಿ ಅಂಗವಾಗಿ ಏ. 20ರಂದು ಬೆಳಗ್ಗೆ 6 ಗಂಟೆಗೆ ತೊಟ್ಟಿಲೋತ್ಸವ ಜರುಗಲಿದೆ. ತಾಯಂದಿರಿಂದ ಜೋಗುಳ, ಮಹಿಳಾ ಮಂಡಳದಿಂದ ಭಜನೆ ಕಾರ್ಯಕ್ರಮ ನಡೆಯಲಿದೆ.

ಶ್ರೀ ಸಂಗಮ ಸಹಕಾರಿ ಸಕ್ಕರೆ ಕಾರ್ಖಾನೆ ನಿ. ಹಿಡಕಲ್ ಡ್ಯಾಮ್
ಪೋಸ್ಟ್-ಹೊಸೂರು, ತಾ: ಹುಕ್ಕೇರಿ, ಜಿ: ಬೆಳಗಾವಿ	sangamsugars@yahoo.com
ನಂ. ಸಂಸಸಕಾನಿ/ಆಡಳಿತ/ಟೆಂಡರ್/2026-27/25	ದಿನಾಂಕ: 18-04-2026
ಕ್ವಾಂಟೇಶನ ನಡೆಸಲು ಟೆಂಡರ ಪ್ರಕಟಣೆ
ನಮ್ಮ ಕಾರ್ಖಾನೆಗೆ 2026-27ನೇ ಹಂಗಾಮಿನ ಸಲುವಾಗಿ ಅವಶ್ಯವಿರುವ ಸಾಮಗ್ರಿಗಳ ಪೂರೈಕೆ ಹಾಗೂ ಕಾಮಗಾರಿಗಳಿಗಾಗಿ ಅನುಭವಿ ಹಾಗೂ ನೋಂದಾಯಿತ ಗುತ್ತಿಗೆದಾರರಿಂದ ಮುಚ್ಚಿದ ಲಕೋಟೆಯಲ್ಲಿ ದರಪಟ್ಟಿ ಆಹ್ವಾನಿಸಲಾಗಿದೆ. ಟೆಂಡರ್ ಅರ್ಜಿ ಹಾಗೂ ನಿಯಮಗಳನ್ನು ಕಾರ್ಖಾನೆಯ ಕಚೇರಿಯಲ್ಲಿ ಕಚೇರಿ ವೇಳೆಯಲ್ಲಿ ಪಡೆಯಬಹುದು. ಭರ್ತಿ ಮಾಡಿದ ಟೆಂಡರ್‌ಗಳನ್ನು ದಿನಾಂಕ 04-05-2026ರ ಮಧ್ಯಾಹ್ನ 12.30 ಗಂಟೆಯ ಒಳಗಾಗಿ ಸಲ್ಲಿಸಬೇಕು. ಅದೇ ದಿನ ಮಧ್ಯಾಹ್ನ 3.00 ಗಂಟೆಗೆ ಟೆಂಡರ್ ಸಮಿತಿ ಸಮಕ್ಷಮ ಲಕೋಟೆ ತೆರೆಯಲಾಗುವುದು. ಕಾರ್ಖಾನೆಯ ಆಡಳಿತ ಮಂಡಳಿಯು ಯಾವುದೇ ಕಾರಣ ನೀಡದೆ ಟೆಂಡರ್ ತಿರಸ್ಕರಿಸುವ ಹಕ್ಕು ಹೊಂದಿರುತ್ತದೆ. ಹೆಚ್ಚಿನ ಮಾಹಿತಿಗಾಗಿ ಸಂಪರ್ಕ ಸಂಖ್ಯೆ: 08792142525, 7483016994. ಮುದ್ರಿತ ಅರ್ಜಿಗಳನ್ನು ಸ್ವೀಕರಿಸಲಾಗುವುದಿಲ್ಲ, ನಿಗದಿತ ನಮೂನೆಯಲ್ಲಿಯೇ ಸಲ್ಲಿಸತಕ್ಕದ್ದು.
ಸಹಿ/- ಪ್ರಭಾರ ವ್ಯವಸ್ಥಾಪಕ ನಿರ್ದೇಶಕರು	ಸಹಿ/-ಅಧ್ಯಕ್ಷರು
PUBLIC NOTICE

This Public Notice is issued by Sri. PRAVEEN B. KAMBLE Advocate, Chikodi on behalf of my client, Ashish Jain and Others of Lotus Properties Chikodi is as under; that my client, intends to purchase the property situated at Indira Nagar of Chikodi town of Chikodi taluka, identified as City Survey Plot measuring 741.25 Sq. Mts. comprised in CTS No. 3413 and its corresponding TMC No. 24-11-1A [5363/2778/P-72] comprises both land and a constructed single storied residential building thereon having total built-up area of 26.848967 Sq. Mts., from its present owners (1) Sri. Suresh Virupaxi Lokannavar, (2) Sri. Ramesh Virupaxi Lokannavar, (3) Sri. Vijay Virupaxi Lokannavar, (4) Smt. Ranjana Chakor Lokannavar, (5) Sri. Nikhil Chakor Lokannavar and (6) Sri. Vikas Chakor Lokannavar resident of Chikodi town. The owners have represented that they have a clear and marketable title to the said property, free from all encumbrances, liens, charges, or litigation.

Notice hereby given to public or if any person or persons having any claim, right, title, interest, or objection whatsoever in respect of the said property or any part thereof by way of sale, mortgage, lease, gift, inheritance, trust, possession, or otherwise, is hereby required to make the same known in writing to the undersigned at the address given. Such claims must be submitted with original/supporting documentary proof within 15 days from the date of publication of this notice.

If no such claims or objections are received within the stipulated period, it shall be deemed that no such claims exist or they have been waived. My client shall then proceed to complete the purchase transaction without further reference to any such claims.

Sd/- PRAVEEN B. KAMBLE, Advocate
Roll No. KAR /2361/2004
#6219, Kavatagimath Nagar Chikodi 591 201
Mob: 9448 420 333
‘ಪ್ರಜಾಸೌಧ ಕಾಮಗಾರಿ
ಶೀಘ್ರ ಪ್ರಾರಂಭ’
ಯರಗಟ್ಟಿಯಲ್ಲಿ ಪ್ರಜಾಸೌಧ ನಿರ್ಮಾಣ ಸ್ಥಳವನ್ನು ಚಿಕ್ಕೋಡಿ ಸಂಸದೆ ಪ್ರಿಯಾಂಕಾ ಜಾರಕಿಹೊಳಿ ಪರಿಶೀಲಿಸಿದರು.

ಯರಗಟ್ಟಿ: ಪಟ್ಟಣದ 5 ಎಕರೆ ಜಾಗದಲ್ಲಿ 8.60 ಕೋಟಿ ರೂ. ವೆಚ್ಚದಲ್ಲಿ ಪ್ರಜಾಸೌಧ ನಿರ್ಮಾಣ ಕಾಮಗಾರಿ ಶೀಘ್ರದಲ್ಲೇ ಆರಂಭಗೊಳ್ಳಲಿದೆ ಎಂದು ಚಿಕ್ಕೋಡಿ ಸಂಸದೆ ಪ್ರಿಯಾಂಕಾ ಜಾರಕಿಹೊಳಿ ಹೇಳಿದರು.

ಪ್ರಜಾಸೌಧ ನಿರ್ಮಾಣ ಸ್ಥಳ ಪರಿಶೀಲಿಸಿ ಮಾತನಾಡಿದ ಅವರು, “ಬಹುದಿನಗಳ ಬೇಡಿಕೆಯಾದ ಪ್ರಜಾಸೌಧ ನಿರ್ಮಾಣದಿಂದ ತಾಲೂಕಿನ ಜನತೆಗೆ ಎಲ್ಲ ಸರ್ಕಾರಿ ಕಚೇರಿಗಳ ಸೇವೆ ಒಂದೇ ಸೂರಿನಡಿ ಲಭ್ಯವಾಗಲಿದೆ,” ಎಂದರು.

“ಹೊಸ ತಾಲೂಕು ಕೇಂದ್ರವಾದ ಯರಗಟ್ಟಿಯ ಸಮಗ್ರ ಅಭಿವೃದ್ಧಿಗೆ ಹೆಚ್ಚಿನ ಅನುದಾನ ತರಲಾಗುವುದು,” ಎಂದು ತಿಳಿಸಿದರು.

ತಹಸೀಲ್ದಾರ್, ತಾಲೂಕು ಪಂಚಾಯಿತಿ ಇಒ, ಪಟ್ಟಣ ಪಂಚಾಯಿತಿ ಮುಖ್ಯಾಧಿಕಾರಿ, ಲೋಕೋಪಯೋಗಿ ಇಲಾಖೆಯ ಎಂಜಿನಿಯರ್‌ಗಳು, ಕಾಂಗ್ರೆಸ್ ಮುಖಂಡರಾದ ರಾಜು ಕುರುಬರ, ಪ್ರಕಾಶ ಗದಾಡಿ, ಬಸವರಾಜ ಹಂಜಿ, ಮಹಾಂತೇಶ ಕೋಟೂರ, ಕುಮಾರ ಮಲ್ಲಾಪುರ, ಲಕ್ಷ್ಮಣ ಕಡಕೋಳ ಹಾಗೂ ಇತರರು ಉಪಸ್ಥಿತರಿದ್ದರು.

PUBLIC NOTICE

My client has negotiated to purchase the Agri., Land bearing R. S. No. 54/2 measu., 22 Gunthas, out of which 1 Guntha PK., assessed @ Rs. 0.75 Paise, situated at Bastwad village, Belagavi, it is bounded by -

EAST : R. S. No. 54/1
WEST : R. S. No. 54/1
NORTH : R. S. No. 54/1
SOUTH : R. S. No. 55 and 56, from its owner Smt. Shanti Arul Selvan of Belagavi, herein the owner has claimed and convinced that, she had clear marketable / Saleable title over the above said property.

Therefore, if anybody or Financial institutions having any rights, title, interest or claim of whatsoever nature over the above said property are requested to putforth their claim of whatsoever nature to the below mentioned signatory within 07 days, in writing along with original documentary evidence of their claim, failing which my client will complete the sale transaction, as no claim or no objection over the above said property and there after no claim / demand from anybody shall be entertained, which please take note.

Place: Belagavi Date: 19.04.2026
Sd/- Adv. Shivakumar M. Udakeri
H. No. 76, Margamma Galli, Khasbag, Belagavi. Ph.: 94498 30999
ಇಂದಿನಿಂದ ಬೈಲವಾಡ ಗ್ರಾಮದೇವಿ ಜಾತ್ರೆ

ಬೈಲಹೊಂಗಲ: ತಾಲೂಕಿನ ಬೈಲವಾಡ ಗ್ರಾಮದಲ್ಲಿ ಶ್ರೀ ಗ್ರಾಮದೇವಿ ಜಾತ್ರಾ ಮಹೋತ್ಸವ ಏ. 20ರಿಂದ ಮೇ 1ರವರೆಗೆ ಜರುಗಲಿದೆ. ಮಂಗಳವಾರ ದೇವಿಗೆ ಶ್ರೀ ನೀಲಕಂಠ ಸ್ವಾಮೀಜಿ ನೇತೃತ್ವದಲ್ಲಿ ಮಹಾಪೂಜೆ ನೆರವೇರಲಿದೆ. ಏ. 20ರಂದು ಬೆಳಗ್ಗೆ ಮಹಾದ್ವಾರ ಹಾಗೂ ರಥದ ಕಲಶಾರೋಹಣ, ಸಂಜೆ ಗ್ರಾಮದೇವಿಯರ ಹೊನ್ನಾಟ ನಡೆಯಲಿದೆ. ಏ. 21ರಂದು ದೇವಿಯರ ಉಡಿ ತುಂಬುವುದು, ಏ. 22ರಂದು ದೇವಿಯರ ಮಹಾರಥೋತ್ಸವ ಜರುಗಲಿದೆ. ಏ. 23ರಂದು ದೇವಿಗೆ ಪಲ್ಲಕ್ಕಿ ಸೇವೆ, ಏ. 24ರಿಂದ 28ರವರೆಗೆ ಪ್ರತಿದಿನ ರಾತ್ರಿ ನಾಟಕ ಪ್ರದರ್ಶನ ಹಾಗೂ ಸಾಂಸ್ಕೃತಿಕ ಕಾರ್ಯಕ್ರಮ ನಡೆಯಲಿದೆ. ಏ. 29ರಂದು ಜಂಗೀ ಕುಸ್ತಿ, ಏ. 30ರಂದು ಟಗರಿನ ಕಾಳಗ ಹಾಗೂ ಮೇ 1ರಂದು ದೇವಿಯರನ್ನು ಗುಡಿ ತುಂಬಿಸುವ ಕಾರ್ಯಕ್ರಮದೊಂದಿಗೆ ಜಾತ್ರೆ ಸಂಪನ್ನಗೊಳ್ಳಲಿದೆ ಎಂದು ಜಾತ್ರಾ ಕಮಿಟಿ ತಿಳಿಸಿದೆ.

ಬೆಳಗಾವಿಯ ನೆಹರು ಬಸವ ಉದ್ಯಾನದಲ್ಲಿ ಶಿವ - ಜಯಂತಿ ಪ್ರಯುಕ್ತ ಭಾನುವಾರ ಶಿವಾಜಿ ಮಹಾರಾಜರ ಮೂರ್ತಿಗೆ ಗಣ್ಯರು ಪುಷ್ಪಾರ್ಚನೆ ಸಲ್ಲಿಸಿದರು.
ಬೆಳಗಾವಿಯ ಗಾಂಧಿ ನಗರದ ಧೋಬಿಘಾಟ್ ಸರ್ಕಾರಿ ಕನ್ನಡ ಶಾಲೆಯಲ್ಲಿ ಗೋಕುಲ ಮಕ್ಕಳ ಬೇಸಿಗೆ ಶಿಬಿರವನ್ನು ದೀಪ ಬೆಳಗಿಸಿ ಉದ್ಘಾಟಿಸಲಾಯಿತು. ಡಾ. ಹಿರೇಮಠ, ಕಲ್ಯಾಣರು, ಆನಂದ ಕೌಶಿಕ್, ವಿದ್ಯಾ ಮನಿಯಾಲ್ ಉಪಸ್ಥಿತರಿದ್ದರು.
ಎಂ.ಕೆ.ಹುಬ್ಬಳ್ಳಿಯ ಶ್ರೀ ಮಲಪ್ರಭಾ ಸಹಕಾರಿ ಸಕ್ಕರೆ ಕಾರ್ಖಾನೆಯ ಆವರಣದಲ್ಲಿ ನೂತನ ನಿರ್ದೇಶಕರನ್ನು ಸನ್ಮಾನಿಸಲಾಯಿತು. ಕಾರ್ಖಾನೆಯ ಅಧ್ಯಕ್ಷ, ಉಪಾಧ್ಯಕ್ಷ, ನಿರ್ದೇಶಕರು, ಅಧಿಕಾರಿಗಳು ಹಾಗೂ ರೈತ ಮುಖಂಡರು ಉಪಸ್ಥಿತರಿದ್ದರು.
15ನೇ ಪುಣ್ಯಸ್ಮರಣೆ
ದಿ. ಬಸವಣ್ಣಪ್ಪ ಸೋಮಪ್ಪ ರೊಟ್ಟಿ
ಮರಣ: 20-04-2011, ಮಹಾವೀರ ಸ್ಪಿನಿಂಗ್ ಹಾಗೂ ನಿವೃತ್ತ ಶಿಕ್ಷಕರು, ವಿದ್ಯಾ ನಗರ ಹೌಸಿಂಗ್ ಸೊಸೈಟಿ, ಸಹ್ಯಾದ್ರಿ ನಗರ, ಬೆಳಗಾವಿ
ಇವರು ಲಿಂಗೈಕ್ಯರಾಗಿ ಇಂದಿಗೆ ದಿನಾಂಕ: 20-04-2026ಕ್ಕೆ 15 ವರ್ಷ ಗತಿಸಿದವು. ನಿಮ್ಮ ನೆನಪು ಹಚ್ಚಹಸಿರಾಗಿದೆ. ನಿಮ್ಮ ಅಗಲಿಕೆಯು ನೋವು ನಿರಂತರವಾಗಿದೆ. ದೇವರು ನಿಮ್ಮ ಆತ್ಮಕ್ಕೆ ಚಿರಶಾಂತಿ ನೀಡಲೆಂದು ಪ್ರಾರ್ಥಿಸುತ್ತೇವೆ.
-:: ನಿಮ್ಮ ಸ್ಮರಣೆಯಲ್ಲಿರುವವರು ::-
ಪತ್ನಿ ನೀಲವ್ವಾ ಬಸವಣ್ಣಪ್ಪ ರೊಟ್ಟಿ
ಮಕ್ಕಳು: ಸುರೇಶ, ಮಹಾಂತೇಶ, ಮಹಾದೇವಿ,
ಅಳಿಯ, ಸೊಸೆಯಂದಿರು, ಮೊಮ್ಮಕ್ಕಳು ಹಾಗೂ ಅಪಾರ ಬಂಧು ಬಳಗ,
ಸಾ: ಹಿರೇಬಾಗೇವಾಡಿ (ಬೆಳಗಾವಿ) ಮೊ: 9341412656
27ನೇ ಪುಣ್ಯಸ್ಮರಣೆ
ಗುರುಪಾದ ರಾ. ಕಮನೂರು
(ಮರಣ: 20-04-1999)
ನೀವು ನಮ್ಮನ್ನಗಲಿ ಇಂದಿಗೆ 27 ವರ್ಷ ಕಳೆದರೂ ನಿಮ್ಮ ನೆನಪು ಸದಾ ಹಸಿರಾಗಿದೆ. ನಿಮ್ಮ ಆದರ್ಶ, ಪ್ರೀತಿ ಮತ್ತು ಮಾರ್ಗದರ್ಶನ ನಮಗೆ ದಾರಿದೀಪವಾಗಿದೆ. ನಿಮ್ಮ ಆತ್ಮಕ್ಕೆ ಚಿರಶಾಂತಿ ಸಿಗಲಿ.
-: ನಿಮ್ಮ ಸ್ಮರಣೆಯಲ್ಲಿ :-
ಶ್ರೀ ಮ. ಗು. ಕಮನೂರು
ಸೌ. ಉಮಾ ಮ. ಕಮನೂರು
ಶ್ರೀ ಲಕ್ಷ್ಮೀ ಆಫ್‌ಸೆಟ್ ಪ್ರಿಂಟರ್
43/27, ಪಾಂಗುಳ ಗಲ್ಲಿ, ಬೆಳಗಾವಿ
9482164051,9845944051
5ನೇ ಪುಣ್ಯಸ್ಮರಣೆ
01/06/1951	14/05/2021
ದಿ. ಶ್ರೀ ಶಿವಾನಂದ ಪಡೆಪ್ಪ ಕುಂದರಗಿ
ನಿವೃತ್ತ ಎ.ಎಸ್.ಐ
ನೀವು ನಮ್ಮನ್ನಗಲಿ ಇಂದಿಗೆ 5 ವರ್ಷಗಳು ಕಳೆದಿವೆ. ನಿಮ್ಮ ನೆನಪು ಸದಾ ನಮ್ಮೊಂದಿಗಿರುತ್ತದೆ. ನಿಮ್ಮ ಪ್ರೀತಿ, ಶಿಸ್ತು ಹಾಗೂ ಮಾರ್ಗದರ್ಶನ ನಮಗೆ ಸ್ಫೂರ್ತಿ.
ಇಂತಿ ನಿಮ್ಮ ಅಗಲಿಕೆಯ ದುಃಖದಲ್ಲಿ:
ಪತ್ನಿ: ಬಸವರಾಜು, ಸಂತೋಷಕ್ಕಾ
ಮಕ್ಕಳು: ವಿನಾಯಕ, ಅನ್ನಪೂರ್ಣಾ
ಸೊಸೆ, ಅಳಿಯ, ಮೊಮ್ಮಕ್ಕಳು ಹಾಗೂ ಬಂಧು ಬಳಗ
RNI No. KARKAN/2016/67671
Published for the Proprietors, Metropolitan Media Company Limited by Lokesh K.V. at #1938, Above axis bank,1st Floor,Kadolkar Galli Belagavi-Karnataka-590001. and printed by him at Metropolitan Media Company Limited, Plot No 33 R.S. No. 536, Honaga Industrial Estate, Honaga , Belagavi Taluk, Belagavi 591156.
Regd. Office: No.74/2, Sanjana Plaza, 4th & 5th Floor, Elephant Rock Road, Jayanagar 3rd Block, Bengaluru-560011(Ph:080-40877800). Editor: Sudarshan Channangihalli - responsible for selection of news under PRB Act. Resident Editor: Suresh K. © All Rights Reserved. Reproduction in whole or part without written permission is prohibited.
